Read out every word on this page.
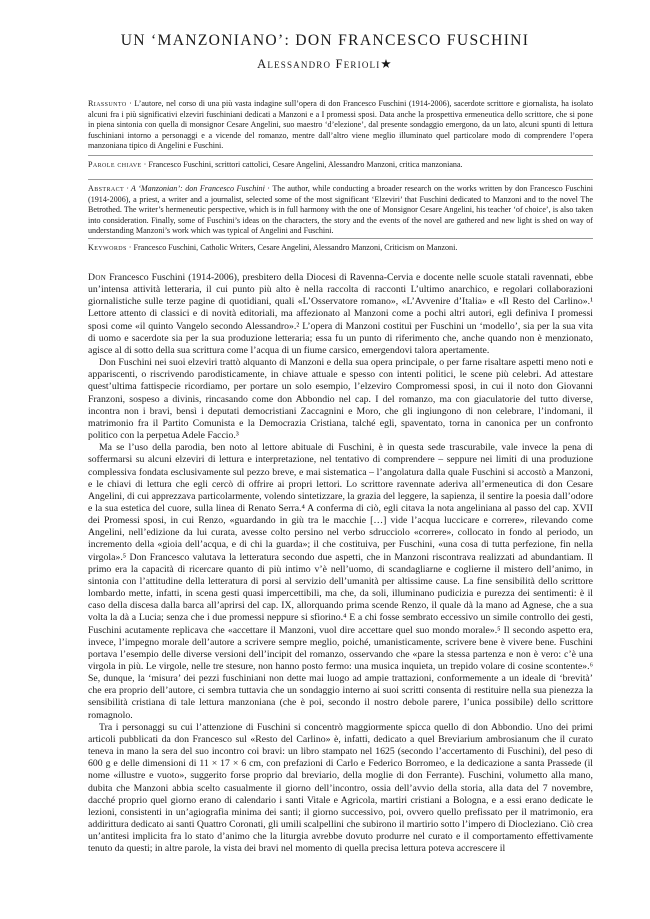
UN ‘MANZONIANO’: DON FRANCESCO FUSCHINI
Alessandro Ferioli★
Riassunto · L’autore, nel corso di una più vasta indagine sull’opera di don Francesco Fuschini (1914-2006), sacerdote scrittore e giornalista, ha isolato alcuni fra i più significativi elzeviri fuschiniani dedicati a Manzoni e a I promessi sposi. Data anche la prospettiva ermeneutica dello scrittore, che si pone in piena sintonia con quella di monsignor Cesare Angelini, suo maestro ‘d’elezione’, dal presente sondaggio emergono, da un lato, alcuni spunti di lettura fuschiniani intorno a personaggi e a vicende del romanzo, mentre dall’altro viene meglio illuminato quel particolare modo di comprendere l’opera manzoniana tipico di Angelini e Fuschini.
Parole chiave · Francesco Fuschini, scrittori cattolici, Cesare Angelini, Alessandro Manzoni, critica manzoniana.
Abstract · A ‘Manzonian’: don Francesco Fuschini · The author, while conducting a broader research on the works written by don Francesco Fuschini (1914-2006), a priest, a writer and a journalist, selected some of the most significant ‘Elzeviri’ that Fuschini dedicated to Manzoni and to the novel The Betrothed. The writer’s hermeneutic perspective, which is in full harmony with the one of Monsignor Cesare Angelini, his teacher ‘of choice’, is also taken into consideration. Finally, some of Fuschini’s ideas on the characters, the story and the events of the novel are gathered and new light is shed on way of understanding Manzoni’s work which was typical of Angelini and Fuschini.
Keywords · Francesco Fuschini, Catholic Writers, Cesare Angelini, Alessandro Manzoni, Criticism on Manzoni.

Don Francesco Fuschini (1914-2006), presbitero della Diocesi di Ravenna-Cervia e docente nelle scuole statali ravennati, ebbe un’intensa attività letteraria, il cui punto più alto è nella raccolta di racconti L’ultimo anarchico, e regolari collaborazioni giornalistiche sulle terze pagine di quotidiani, quali «L’Osservatore romano», «L’Avvenire d’Italia» e «Il Resto del Carlino».¹ Lettore attento di classici e di novità editoriali, ma affezionato al Manzoni come a pochi altri autori, egli definiva I promessi sposi come «il quinto Vangelo secondo Alessandro».² L’opera di Manzoni costituì per Fuschini un ‘modello’, sia per la sua vita di uomo e sacerdote sia per la sua produzione letteraria; essa fu un punto di riferimento che, anche quando non è menzionato, agisce al di sotto della sua scrittura come l’acqua di un fiume carsico, emergendovi talora apertamente.

Don Fuschini nei suoi elzeviri trattò alquanto di Manzoni e della sua opera principale, o per farne risaltare aspetti meno noti e appariscenti, o riscrivendo parodisticamente, in chiave attuale e spesso con intenti politici, le scene più celebri. Ad attestare quest’ultima fattispecie ricordiamo, per portare un solo esempio, l’elzeviro Compromessi sposi, in cui il noto don Giovanni Franzoni, sospeso a divinis, rincasando come don Abbondio nel cap. I del romanzo, ma con giaculatorie del tutto diverse, incontra non i bravi, bensì i deputati democristiani Zaccagnini e Moro, che gli ingiungono di non celebrare, l’indomani, il matrimonio fra il Partito Comunista e la Democrazia Cristiana, talché egli, spaventato, torna in canonica per un confronto politico con la perpetua Adele Faccio.³

Ma se l’uso della parodia, ben noto al lettore abituale di Fuschini, è in questa sede trascurabile, vale invece la pena di soffermarsi su alcuni elzeviri di lettura e interpretazione, nel tentativo di comprendere – seppure nei limiti di una produzione complessiva fondata esclusivamente sul pezzo breve, e mai sistematica – l’angolatura dalla quale Fuschini si accostò a Manzoni, e le chiavi di lettura che egli cercò di offrire ai propri lettori. Lo scrittore ravennate aderiva all’ermeneutica di don Cesare Angelini, di cui apprezzava particolarmente, volendo sintetizzare, la grazia del leggere, la sapienza, il sentire la poesia dall’odore e la sua estetica del cuore, sulla linea di Renato Serra.⁴ A conferma di ciò, egli citava la nota angeliniana al passo del cap. XVII dei Promessi sposi, in cui Renzo, «guardando in giù tra le macchie […] vide l’acqua luccicare e correre», rilevando come Angelini, nell’edizione da lui curata, avesse colto persino nel verbo sdrucciolo «correre», collocato in fondo al periodo, un incremento della «gioia dell’acqua, e di chi la guarda»; il che costituiva, per Fuschini, «una cosa di tutta perfezione, fin nella virgola».⁵ Don Francesco valutava la letteratura secondo due aspetti, che in Manzoni riscontrava realizzati ad abundantiam. Il primo era la capacità di ricercare quanto di più intimo v’è nell’uomo, di scandagliarne e coglierne il mistero dell’animo, in sintonia con l’attitudine della letteratura di porsi al servizio dell’umanità per altissime cause. La fine sensibilità dello scrittore lombardo mette, infatti, in scena gesti quasi impercettibili, ma che, da soli, illuminano pudicizia e purezza dei sentimenti: è il caso della discesa dalla barca all’aprirsi del cap. IX, allorquando prima scende Renzo, il quale dà la mano ad Agnese, che a sua volta la dà a Lucia; senza che i due promessi neppure si sfiorino.⁴ E a chi fosse sembrato eccessivo un simile controllo dei gesti, Fuschini acutamente replicava che «accettare il Manzoni, vuol dire accettare quel suo mondo morale».⁵ Il secondo aspetto era, invece, l’impegno morale dell’autore a scrivere sempre meglio, poiché, umanisticamente, scrivere bene è vivere bene. Fuschini portava l’esempio delle diverse versioni dell’incipit del romanzo, osservando che «pare la stessa partenza e non è vero: c’è una virgola in più. Le virgole, nelle tre stesure, non hanno posto fermo: una musica inquieta, un trepido volare di cosine scontente».⁶ Se, dunque, la ‘misura’ dei pezzi fuschiniani non dette mai luogo ad ampie trattazioni, conformemente a un ideale di ‘brevità’ che era proprio dell’autore, ci sembra tuttavia che un sondaggio interno ai suoi scritti consenta di restituire nella sua pienezza la sensibilità cristiana di tale lettura manzoniana (che è poi, secondo il nostro debole parere, l’unica possibile) dello scrittore romagnolo.

Tra i personaggi su cui l’attenzione di Fuschini si concentrò maggiormente spicca quello di don Abbondio. Uno dei primi articoli pubblicati da don Francesco sul «Resto del Carlino» è, infatti, dedicato a quel Breviarium ambrosianum che il curato teneva in mano la sera del suo incontro coi bravi: un libro stampato nel 1625 (secondo l’accertamento di Fuschini), del peso di 600 g e delle dimensioni di 11 × 17 × 6 cm, con prefazioni di Carlo e Federico Borromeo, e la dedicazione a santa Prassede (il nome «illustre e vuoto», suggerito forse proprio dal breviario, della moglie di don Ferrante). Fuschini, volumetto alla mano, dubita che Manzoni abbia scelto casualmente il giorno dell’incontro, ossia dell’avvio della storia, alla data del 7 novembre, dacché proprio quel giorno erano di calendario i santi Vitale e Agricola, martiri cristiani a Bologna, e a essi erano dedicate le lezioni, consistenti in un’agiografia minima dei santi; il giorno successivo, poi, ovvero quello prefissato per il matrimonio, era addirittura dedicato ai santi Quattro Coronati, gli umili scalpellini che subirono il martirio sotto l’impero di Diocleziano. Ciò crea un’antitesi implicita fra lo stato d’animo che la liturgia avrebbe dovuto produrre nel curato e il comportamento effettivamente tenuto da questi; in altre parole, la vista dei bravi nel momento di quella precisa lettura poteva accrescere il
